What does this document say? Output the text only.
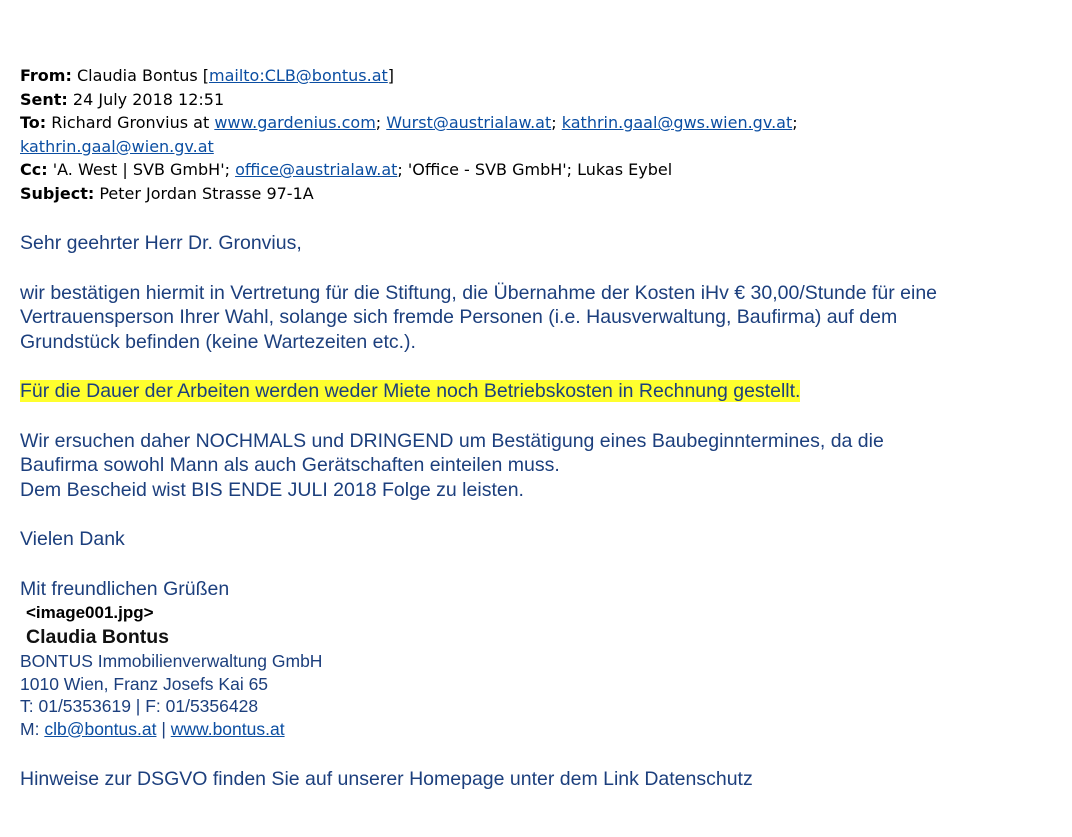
From: Claudia Bontus [mailto:CLB@bontus.at]
Sent: 24 July 2018 12:51
To: Richard Gronvius at www.gardenius.com; Wurst@austrialaw.at; kathrin.gaal@gws.wien.gv.at;
kathrin.gaal@wien.gv.at
Cc: 'A. West | SVB GmbH'; office@austrialaw.at; 'Office - SVB GmbH'; Lukas Eybel
Subject: Peter Jordan Strasse 97-1A

Sehr geehrter Herr Dr. Gronvius,

wir bestätigen hiermit in Vertretung für die Stiftung, die Übernahme der Kosten iHv € 30,00/Stunde für eine

Vertrauensperson Ihrer Wahl, solange sich fremde Personen (i.e. Hausverwaltung, Baufirma) auf dem

Grundstück befinden (keine Wartezeiten etc.).

Für die Dauer der Arbeiten werden weder Miete noch Betriebskosten in Rechnung gestellt.

Wir ersuchen daher NOCHMALS und DRINGEND um Bestätigung eines Baubeginntermines, da die

Baufirma sowohl Mann als auch Gerätschaften einteilen muss.

Dem Bescheid wist BIS ENDE JULI 2018 Folge zu leisten.

Vielen Dank

Mit freundlichen Grüßen

<image001.jpg>
Claudia Bontus
BONTUS Immobilienverwaltung GmbH
1010 Wien, Franz Josefs Kai 65
T: 01/5353619 | F: 01/5356428
M: clb@bontus.at | www.bontus.at

Hinweise zur DSGVO finden Sie auf unserer Homepage unter dem Link Datenschutz
